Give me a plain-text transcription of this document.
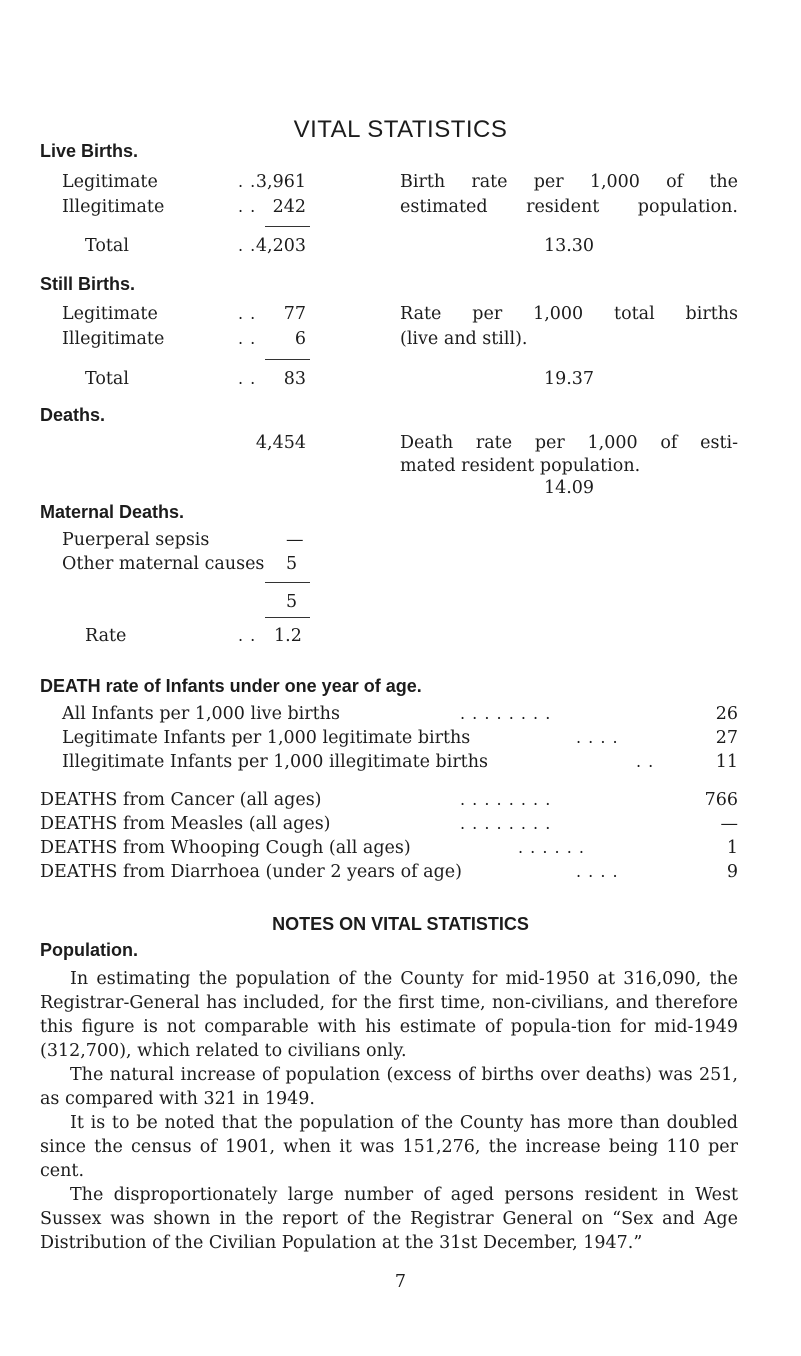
VITAL STATISTICS
Live Births.
Legitimate	. . 3,961
Illegitimate	. . 242
Total	. . 4,203
Birth rate per 1,000 of the
estimated resident population.
13.30
Still Births.
Legitimate	. .	77
Illegitimate	. .	6
Total	. .	83
Rate per 1,000 total births
(live and still).
19.37
Deaths.
4,454	Death rate per 1,000 of esti-
mated resident population.
14.09
Maternal Deaths.
Puerperal sepsis	—
Other maternal causes 5
5
Rate	. . 1.2
DEATH rate of Infants under one year of age.
All Infants per 1,000 live births	. . . . . . . .	26
Legitimate Infants per 1,000 legitimate births	. . . .	27
Illegitimate Infants per 1,000 illegitimate births	. .	11
DEATHS from Cancer (all ages)	. . . . . . . .	766
DEATHS from Measles (all ages)	. . . . . . . .	—
DEATHS from Whooping Cough (all ages)	. . . . . .	1
DEATHS from Diarrhoea (under 2 years of age)	. . . .	9
NOTES ON VITAL STATISTICS
Population.
In estimating the population of the County for mid-1950 at 316,090, the Registrar-General has included, for the first time, non-civilians, and therefore this figure is not comparable with his estimate of popula-tion for mid-1949 (312,700), which related to civilians only.
The natural increase of population (excess of births over deaths) was 251, as compared with 321 in 1949.
It is to be noted that the population of the County has more than doubled since the census of 1901, when it was 151,276, the increase being 110 per cent.
The disproportionately large number of aged persons resident in West Sussex was shown in the report of the Registrar General on “Sex and Age Distribution of the Civilian Population at the 31st December, 1947.”
7
